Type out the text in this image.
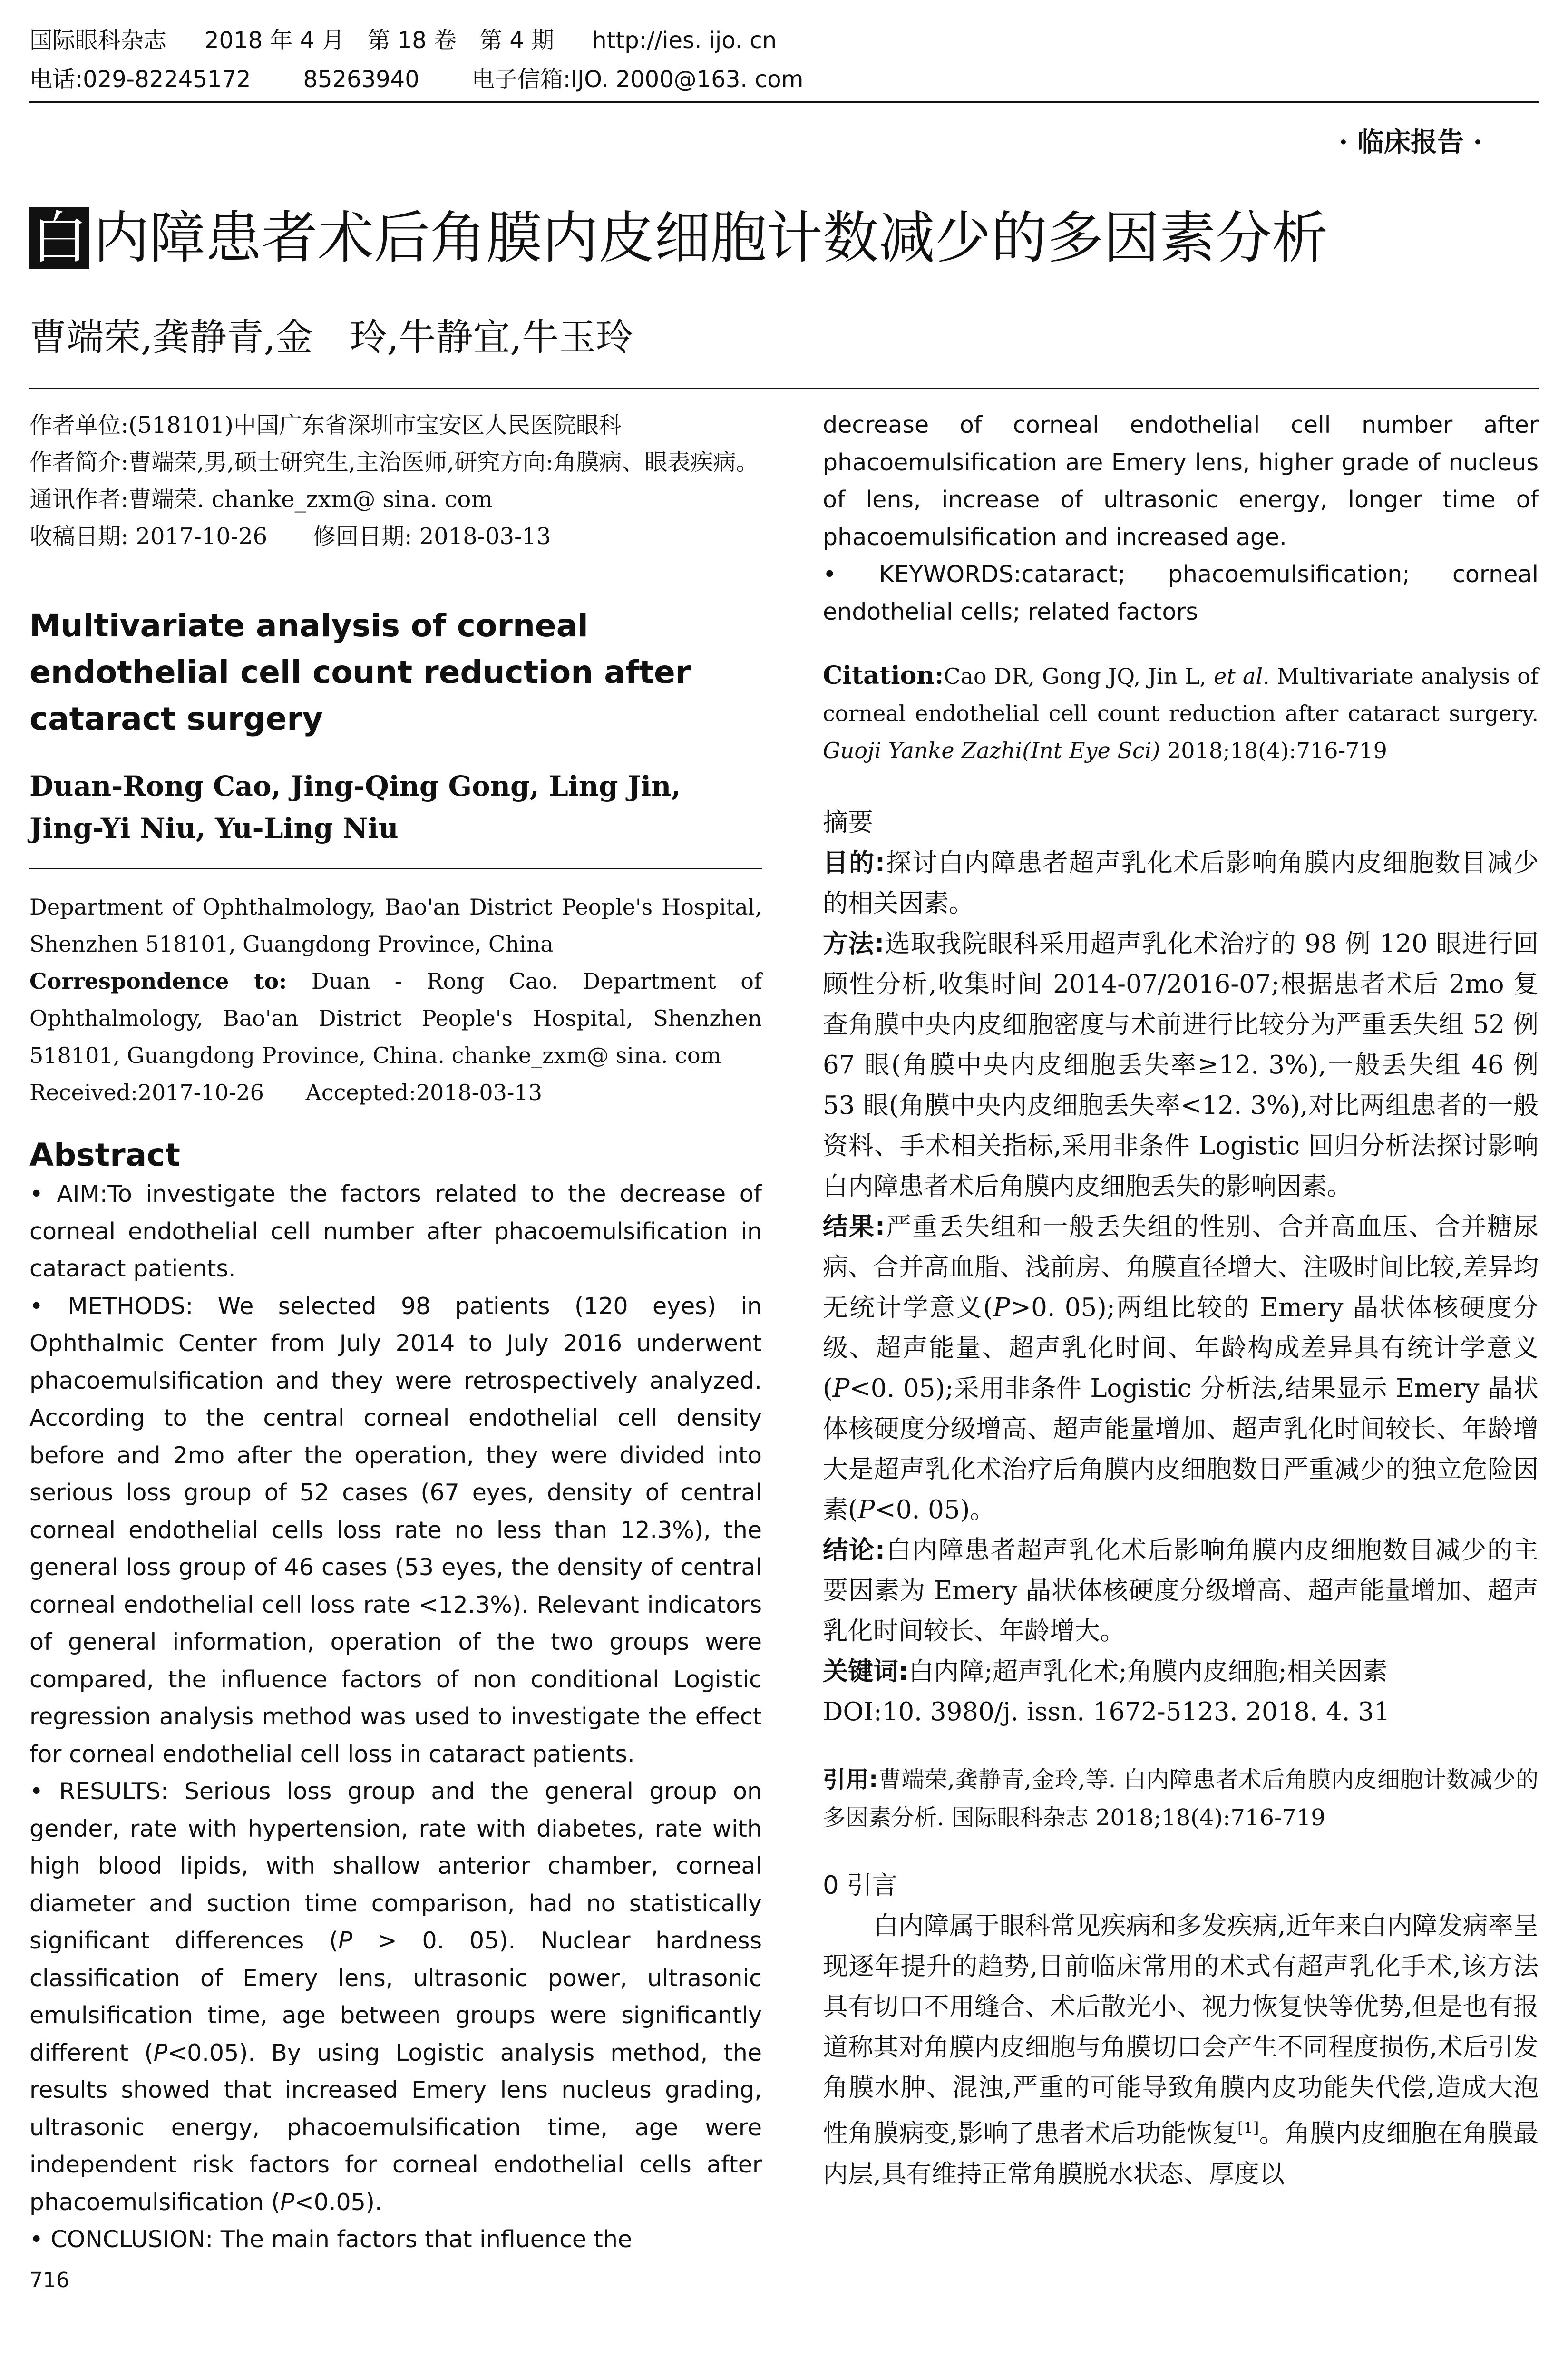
国际眼科杂志 2018 年 4 月　第 18 卷　第 4 期 http://ies. ijo. cn
电话:029-82245172 85263940 电子信箱:IJO. 2000@163. com
· 临床报告 ·
白 内障患者术后角膜内皮细胞计数减少的多因素分析
曹端荣,龚静青,金　玲,牛静宜,牛玉玲

作者单位:(518101)中国广东省深圳市宝安区人民医院眼科

作者简介:曹端荣,男,硕士研究生,主治医师,研究方向:角膜病、眼表疾病。

通讯作者:曹端荣. chanke_zxm@ sina. com

收稿日期: 2017-10-26　　修回日期: 2018-03-13

Multivariate analysis of corneal endothelial cell count reduction after cataract surgery
Duan-Rong Cao, Jing-Qing Gong, Ling Jin, Jing-Yi Niu, Yu-Ling Niu
Department of Ophthalmology, Bao'an District People's Hospital, Shenzhen 518101, Guangdong Province, China
Correspondence to: Duan - Rong Cao. Department of Ophthalmology, Bao'an District People's Hospital, Shenzhen 518101, Guangdong Province, China. chanke_zxm@ sina. com
Received:2017-10-26 Accepted:2018-03-13
Abstract

• AIM:To investigate the factors related to the decrease of corneal endothelial cell number after phacoemulsification in cataract patients.

• METHODS: We selected 98 patients (120 eyes) in Ophthalmic Center from July 2014 to July 2016 underwent phacoemulsification and they were retrospectively analyzed. According to the central corneal endothelial cell density before and 2mo after the operation, they were divided into serious loss group of 52 cases (67 eyes, density of central corneal endothelial cells loss rate no less than 12.3%), the general loss group of 46 cases (53 eyes, the density of central corneal endothelial cell loss rate <12.3%). Relevant indicators of general information, operation of the two groups were compared, the influence factors of non conditional Logistic regression analysis method was used to investigate the effect for corneal endothelial cell loss in cataract patients.

• RESULTS: Serious loss group and the general group on gender, rate with hypertension, rate with diabetes, rate with high blood lipids, with shallow anterior chamber, corneal diameter and suction time comparison, had no statistically significant differences (P > 0. 05). Nuclear hardness classification of Emery lens, ultrasonic power, ultrasonic emulsification time, age between groups were significantly different (P<0.05). By using Logistic analysis method, the results showed that increased Emery lens nucleus grading, ultrasonic energy, phacoemulsification time, age were independent risk factors for corneal endothelial cells after phacoemulsification (P<0.05).

• CONCLUSION: The main factors that influence the

716

decrease of corneal endothelial cell number after phacoemulsification are Emery lens, higher grade of nucleus of lens, increase of ultrasonic energy, longer time of phacoemulsification and increased age.

• KEYWORDS:cataract; phacoemulsification; corneal endothelial cells; related factors

Citation:Cao DR, Gong JQ, Jin L, et al. Multivariate analysis of corneal endothelial cell count reduction after cataract surgery. Guoji Yanke Zazhi(Int Eye Sci) 2018;18(4):716-719
摘要

目的:探讨白内障患者超声乳化术后影响角膜内皮细胞数目减少的相关因素。

方法:选取我院眼科采用超声乳化术治疗的 98 例 120 眼进行回顾性分析,收集时间 2014-07/2016-07;根据患者术后 2mo 复查角膜中央内皮细胞密度与术前进行比较分为严重丢失组 52 例 67 眼(角膜中央内皮细胞丢失率≥12. 3%),一般丢失组 46 例 53 眼(角膜中央内皮细胞丢失率<12. 3%),对比两组患者的一般资料、手术相关指标,采用非条件 Logistic 回归分析法探讨影响白内障患者术后角膜内皮细胞丢失的影响因素。

结果:严重丢失组和一般丢失组的性别、合并高血压、合并糖尿病、合并高血脂、浅前房、角膜直径增大、注吸时间比较,差异均无统计学意义(P>0. 05);两组比较的 Emery 晶状体核硬度分级、超声能量、超声乳化时间、年龄构成差异具有统计学意义(P<0. 05);采用非条件 Logistic 分析法,结果显示 Emery 晶状体核硬度分级增高、超声能量增加、超声乳化时间较长、年龄增大是超声乳化术治疗后角膜内皮细胞数目严重减少的独立危险因素(P<0. 05)。

结论:白内障患者超声乳化术后影响角膜内皮细胞数目减少的主要因素为 Emery 晶状体核硬度分级增高、超声能量增加、超声乳化时间较长、年龄增大。

关键词:白内障;超声乳化术;角膜内皮细胞;相关因素

DOI:10. 3980/j. issn. 1672-5123. 2018. 4. 31

引用:曹端荣,龚静青,金玲,等. 白内障患者术后角膜内皮细胞计数减少的多因素分析. 国际眼科杂志 2018;18(4):716-719
0 引言
白内障属于眼科常见疾病和多发疾病,近年来白内障发病率呈现逐年提升的趋势,目前临床常用的术式有超声乳化手术,该方法具有切口不用缝合、术后散光小、视力恢复快等优势,但是也有报道称其对角膜内皮细胞与角膜切口会产生不同程度损伤,术后引发角膜水肿、混浊,严重的可能导致角膜内皮功能失代偿,造成大泡性角膜病变,影响了患者术后功能恢复[1]。角膜内皮细胞在角膜最内层,具有维持正常角膜脱水状态、厚度以
